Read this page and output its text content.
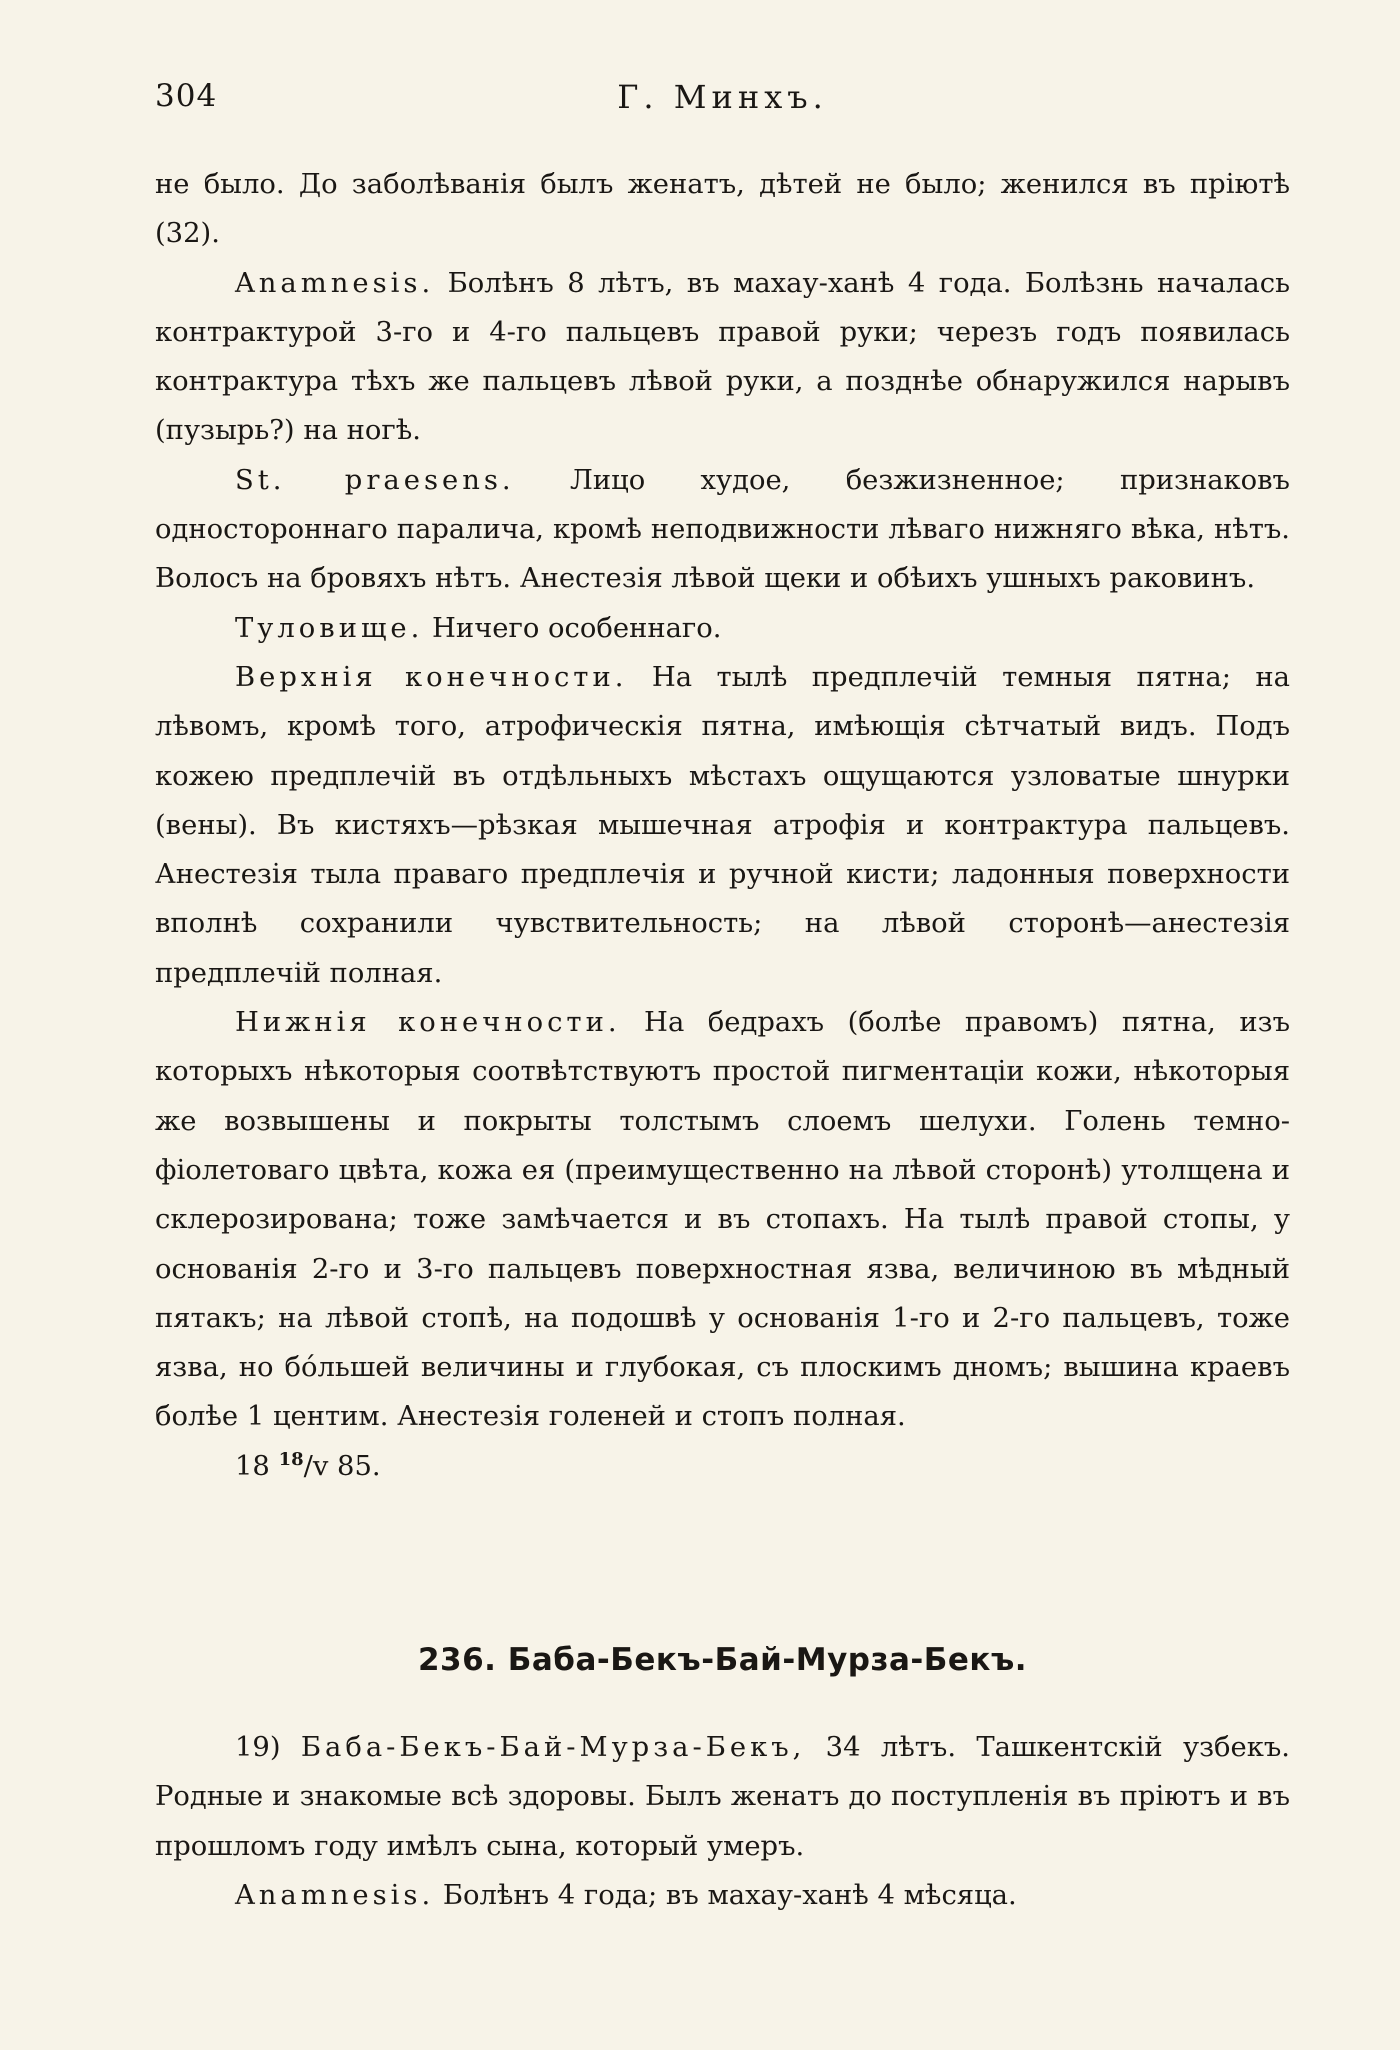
304	Г. Минхъ.

не было. До заболѣванія былъ женатъ, дѣтей не было; женился въ пріютѣ (32).

Anamnesis. Болѣнъ 8 лѣтъ, въ махау-ханѣ 4 года. Болѣзнь началась контрактурой 3-го и 4-го пальцевъ правой руки; черезъ годъ появилась контрактура тѣхъ же пальцевъ лѣвой руки, а позднѣе обнаружился нарывъ (пузырь?) на ногѣ.

St. praesens. Лицо худое, безжизненное; признаковъ одностороннаго паралича, кромѣ неподвижности лѣваго нижняго вѣка, нѣтъ. Волосъ на бровяхъ нѣтъ. Анестезія лѣвой щеки и обѣихъ ушныхъ раковинъ.

Туловище. Ничего особеннаго.

Верхнія конечности. На тылѣ предплечій темныя пятна; на лѣвомъ, кромѣ того, атрофическія пятна, имѣющія сѣтчатый видъ. Подъ кожею предплечій въ отдѣльныхъ мѣстахъ ощущаются узловатые шнурки (вены). Въ кистяхъ—рѣзкая мышечная атрофія и контрактура пальцевъ. Анестезія тыла праваго предплечія и ручной кисти; ладонныя поверхности вполнѣ сохранили чувствительность; на лѣвой сторонѣ—анестезія предплечій полная.

Нижнія конечности. На бедрахъ (болѣе правомъ) пятна, изъ которыхъ нѣкоторыя соотвѣтствуютъ простой пигментаціи кожи, нѣкоторыя же возвышены и покрыты толстымъ слоемъ шелухи. Голень темно-фіолетоваго цвѣта, кожа ея (преимущественно на лѣвой сторонѣ) утолщена и склерозирована; тоже замѣчается и въ стопахъ. На тылѣ правой стопы, у основанія 2-го и 3-го пальцевъ поверхностная язва, величиною въ мѣдный пятакъ; на лѣвой стопѣ, на подошвѣ у основанія 1-го и 2-го пальцевъ, тоже язва, но бóльшей величины и глубокая, съ плоскимъ дномъ; вышина краевъ болѣе 1 центим. Анестезія голеней и стопъ полная.

18 $^{18}$/v 85.

236. Баба-Бекъ-Бай-Мурза-Бекъ.

19) Баба-Бекъ-Бай-Мурза-Бекъ, 34 лѣтъ. Ташкентскій узбекъ. Родные и знакомые всѣ здоровы. Былъ женатъ до поступленія въ пріютъ и въ прошломъ году имѣлъ сына, который умеръ.

Anamnesis. Болѣнъ 4 года; въ махау-ханѣ 4 мѣсяца.
